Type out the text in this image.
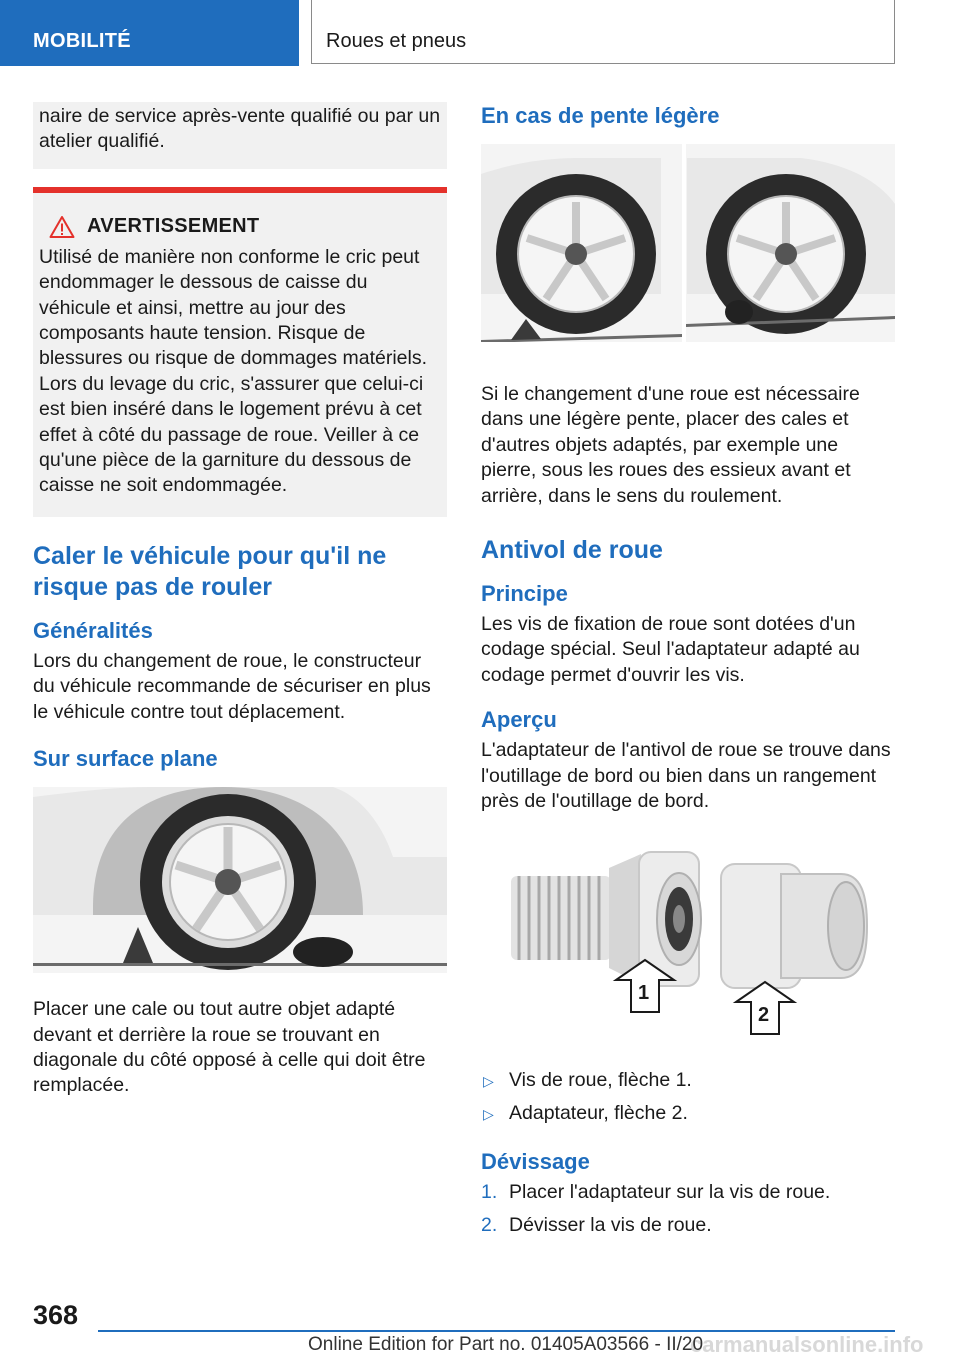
MOBILITÉ	Roues et pneus

naire de service après-vente qualifié ou par un atelier qualifié.

AVERTISSEMENT

Utilisé de manière non conforme le cric peut endommager le dessous de caisse du véhicule et ainsi, mettre au jour des composants haute tension. Risque de blessures ou risque de dommages matériels. Lors du levage du cric, s'assurer que celui-ci est bien inséré dans le logement prévu à cet effet à côté du passage de roue. Veiller à ce qu'une pièce de la garniture du dessous de caisse ne soit endommagée.

Caler le véhicule pour qu'il ne risque pas de rouler
Généralités

Lors du changement de roue, le constructeur du véhicule recommande de sécuriser en plus le véhicule contre tout déplacement.

Sur surface plane

Placer une cale ou tout autre objet adapté devant et derrière la roue se trouvant en diagonale du côté opposé à celle qui doit être remplacée.

En cas de pente légère

Si le changement d'une roue est nécessaire dans une légère pente, placer des cales et d'autres objets adaptés, par exemple une pierre, sous les roues des essieux avant et arrière, dans le sens du roulement.

Antivol de roue
Principe

Les vis de fixation de roue sont dotées d'un codage spécial. Seul l'adaptateur adapté au codage permet d'ouvrir les vis.

Aperçu

L'adaptateur de l'antivol de roue se trouve dans l'outillage de bord ou bien dans un rangement près de l'outillage de bord.

1
2
▷ Vis de roue, flèche 1.
▷ Adaptateur, flèche 2.
Dévissage
1. Placer l'adaptateur sur la vis de roue.
2. Dévisser la vis de roue.
368
carmanualsonline.info
Online Edition for Part no. 01405A03566 - II/20
